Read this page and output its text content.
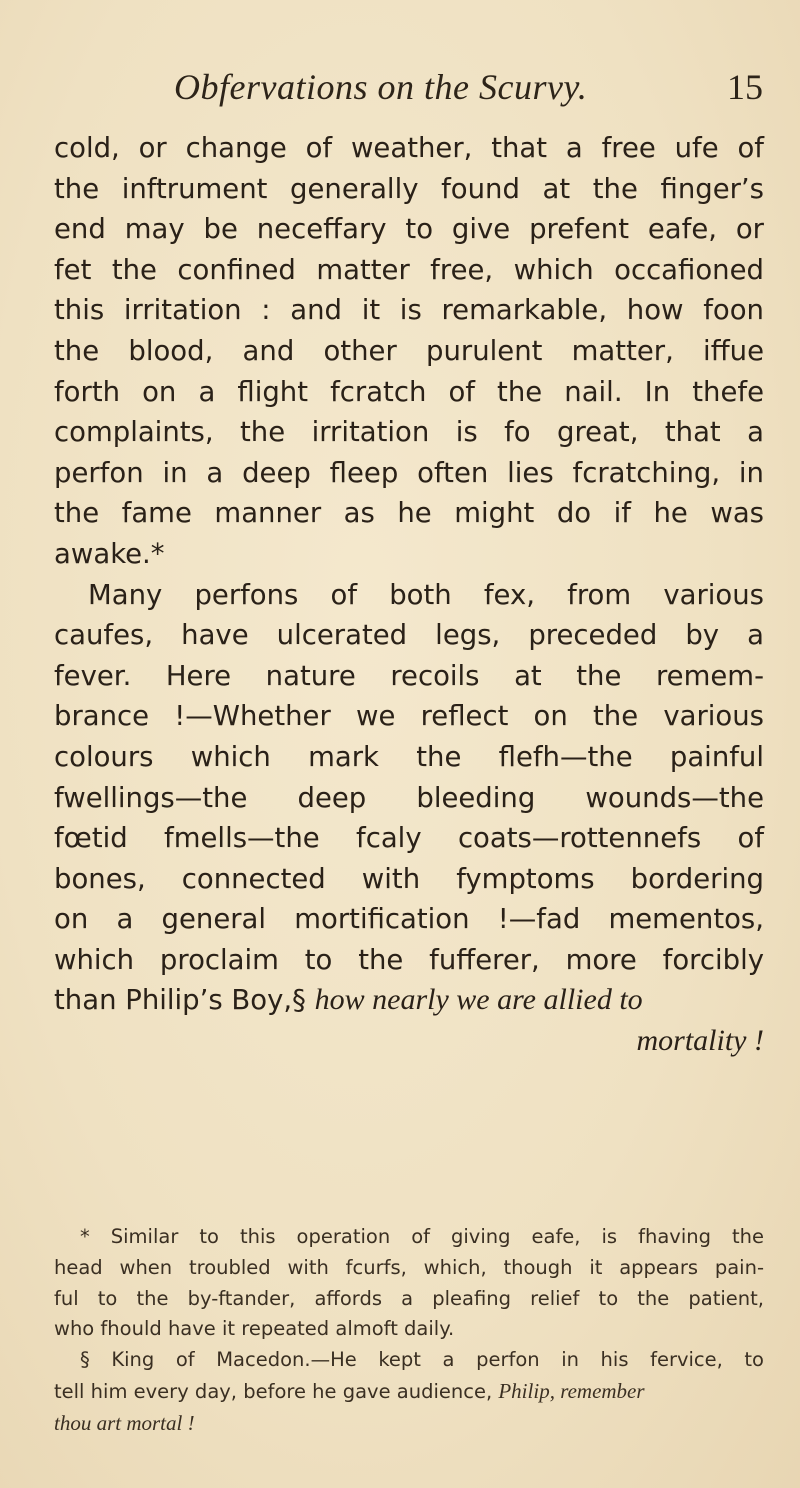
Obfervations on the Scurvy.	15
cold, or change of weather, that a free ufe of
the inftrument generally found at the finger’s
end may be neceffary to give prefent eafe, or
fet the confined matter free, which occafioned
this irritation : and it is remarkable, how foon
the blood, and other purulent matter, iffue
forth on a flight fcratch of the nail. In thefe
complaints, the irritation is fo great, that a
perfon in a deep fleep often lies fcratching, in
the fame manner as he might do if he was
awake.*
Many perfons of both fex, from various
caufes, have ulcerated legs, preceded by a
fever. Here nature recoils at the remem-
brance !—Whether we reflect on the various
colours which mark the flefh—the painful
fwellings—the deep bleeding wounds—the
fœtid fmells—the fcaly coats—rottennefs of
bones, connected with fymptoms bordering
on a general mortification !—fad mementos,
which proclaim to the fufferer, more forcibly
than Philip’s Boy,§ how nearly we are allied to
mortality !
* Similar to this operation of giving eafe, is fhaving the
head when troubled with fcurfs, which, though it appears pain-
ful to the by-ftander, affords a pleafing relief to the patient,
who fhould have it repeated almoft daily.
§ King of Macedon.—He kept a perfon in his fervice, to
tell him every day, before he gave audience, Philip, remember
thou art mortal !
